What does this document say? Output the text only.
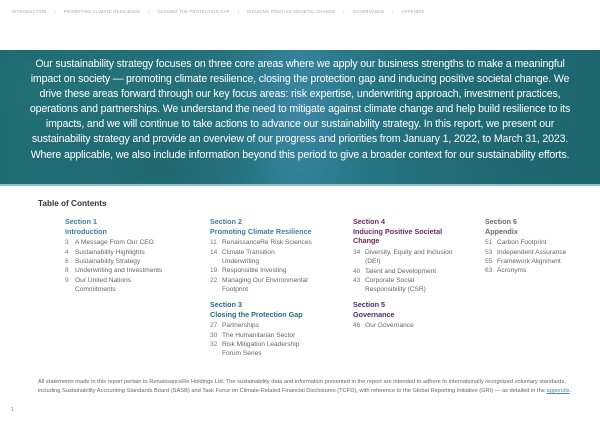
INTRODUCTION | PROMOTING CLIMATE RESILIENCE | CLOSING THE PROTECTION GAP | INDUCING POSITIVE SOCIETAL CHANGE | GOVERNANCE | APPENDIX

Our sustainability strategy focuses on three core areas where we apply our business strengths to make a meaningful impact on society — promoting climate resilience, closing the protection gap and inducing positive societal change. We drive these areas forward through our key focus areas: risk expertise, underwriting approach, investment practices, operations and partnerships. We understand the need to mitigate against climate change and help build resilience to its impacts, and we will continue to take actions to advance our sustainability strategy. In this report, we present our sustainability strategy and provide an overview of our progress and priorities from January 1, 2022, to March 31, 2023. Where applicable, we also include information beyond this period to give a broader context for our sustainability efforts.

Table of Contents
Section 1
Introduction
3 A Message From Our CEO
4 Sustainability Highlights
6 Sustainability Strategy
8 Underwriting and Investments
9 Our United Nations Commitments
Section 2
Promoting Climate Resilience
11 RenaissanceRe Risk Sciences
14 Climate Transition Underwriting
19 Responsible Investing
22 Managing Our Environmental Footprint
Section 3
Closing the Protection Gap
27 Partnerships
30 The Humanitarian Sector
32 Risk Mitigation Leadership Forum Series
Section 4
Inducing Positive Societal Change
34 Diversity, Equity and Inclusion (DEI)
40 Talent and Development
43 Corporate Social Responsibility (CSR)
Section 5
Governance
46 Our Governance
Section 6
Appendix
51 Carbon Footprint
53 Independent Assurance
55 Framework Alignment
63 Acronyms

All statements made in this report pertain to RenaissanceRe Holdings Ltd. The sustainability data and information presented in the report are intended to adhere to internationally recognized voluntary standards, including Sustainability Accounting Standards Board (SASB) and Task Force on Climate-Related Financial Disclosures (TCFD), with reference to the Global Reporting Initiative (GRI) — as detailed in the appendix.

1
